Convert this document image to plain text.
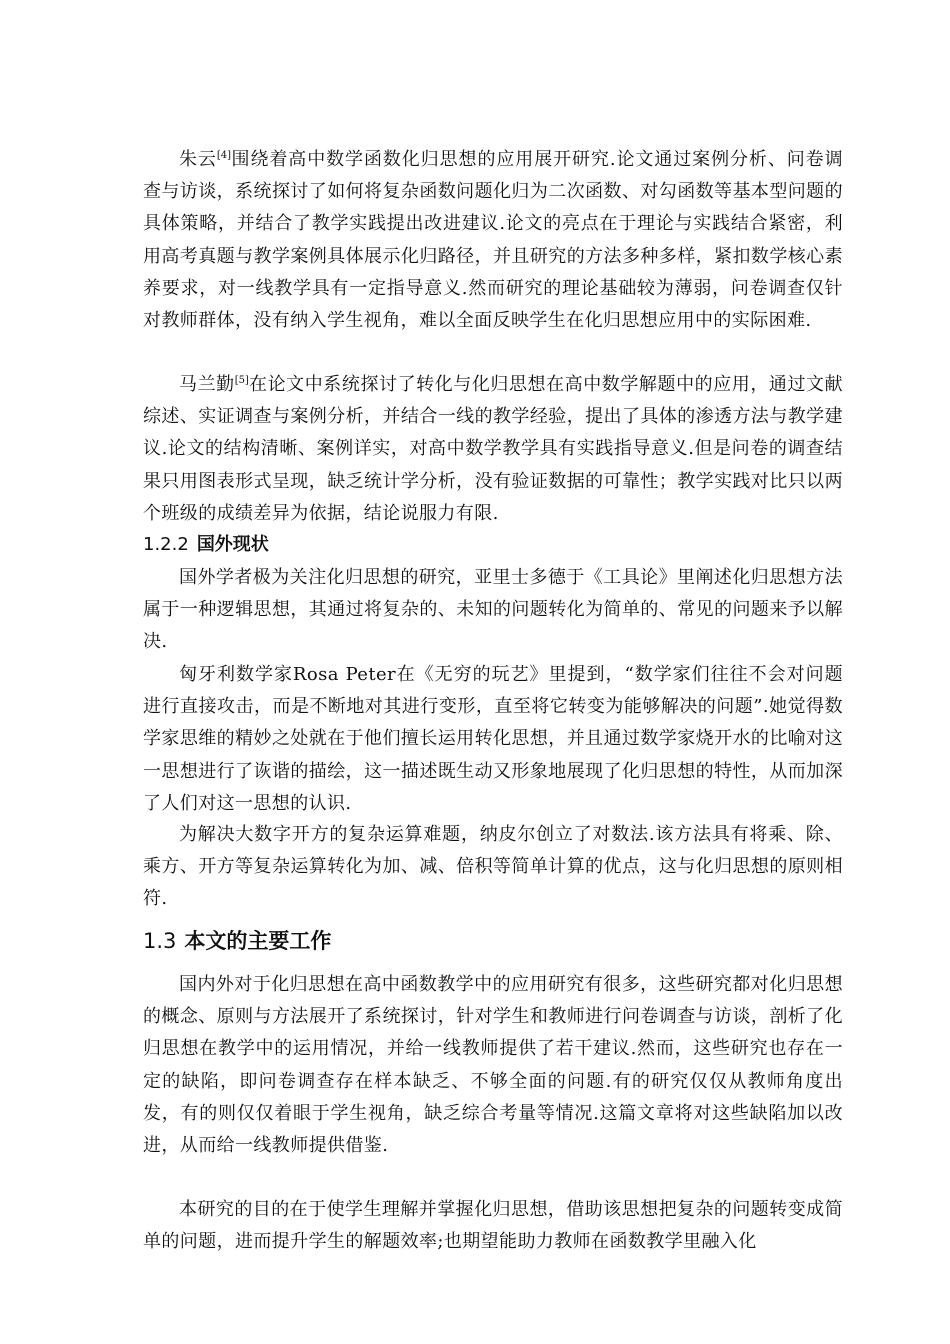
朱云[4]围绕着高中数学函数化归思想的应用展开研究.论文通过案例分析、问卷调查与访谈，系统探讨了如何将复杂函数问题化归为二次函数、对勾函数等基本型问题的具体策略，并结合了教学实践提出改进建议.论文的亮点在于理论与实践结合紧密，利用高考真题与教学案例具体展示化归路径，并且研究的方法多种多样，紧扣数学核心素养要求，对一线教学具有一定指导意义.然而研究的理论基础较为薄弱，问卷调查仅针对教师群体，没有纳入学生视角，难以全面反映学生在化归思想应用中的实际困难.

马兰勤[5]在论文中系统探讨了转化与化归思想在高中数学解题中的应用，通过文献综述、实证调查与案例分析，并结合一线的教学经验，提出了具体的渗透方法与教学建议.论文的结构清晰、案例详实，对高中数学教学具有实践指导意义.但是问卷的调查结果只用图表形式呈现，缺乏统计学分析，没有验证数据的可靠性；教学实践对比只以两个班级的成绩差异为依据，结论说服力有限.

1.2.2 国外现状

国外学者极为关注化归思想的研究，亚里士多德于《工具论》里阐述化归思想方法属于一种逻辑思想，其通过将复杂的、未知的问题转化为简单的、常见的问题来予以解决.

匈牙利数学家Rosa Peter在《无穷的玩艺》里提到，“数学家们往往不会对问题进行直接攻击，而是不断地对其进行变形，直至将它转变为能够解决的问题”.她觉得数学家思维的精妙之处就在于他们擅长运用转化思想，并且通过数学家烧开水的比喻对这一思想进行了诙谐的描绘，这一描述既生动又形象地展现了化归思想的特性，从而加深了人们对这一思想的认识.

为解决大数字开方的复杂运算难题，纳皮尔创立了对数法.该方法具有将乘、除、乘方、开方等复杂运算转化为加、减、倍积等简单计算的优点，这与化归思想的原则相符.

1.3 本文的主要工作

国内外对于化归思想在高中函数教学中的应用研究有很多，这些研究都对化归思想的概念、原则与方法展开了系统探讨，针对学生和教师进行问卷调查与访谈，剖析了化归思想在教学中的运用情况，并给一线教师提供了若干建议.然而，这些研究也存在一定的缺陷，即问卷调查存在样本缺乏、不够全面的问题.有的研究仅仅从教师角度出发，有的则仅仅着眼于学生视角，缺乏综合考量等情况.这篇文章将对这些缺陷加以改进，从而给一线教师提供借鉴.

本研究的目的在于使学生理解并掌握化归思想，借助该思想把复杂的问题转变成简单的问题，进而提升学生的解题效率;也期望能助力教师在函数教学里融入化
